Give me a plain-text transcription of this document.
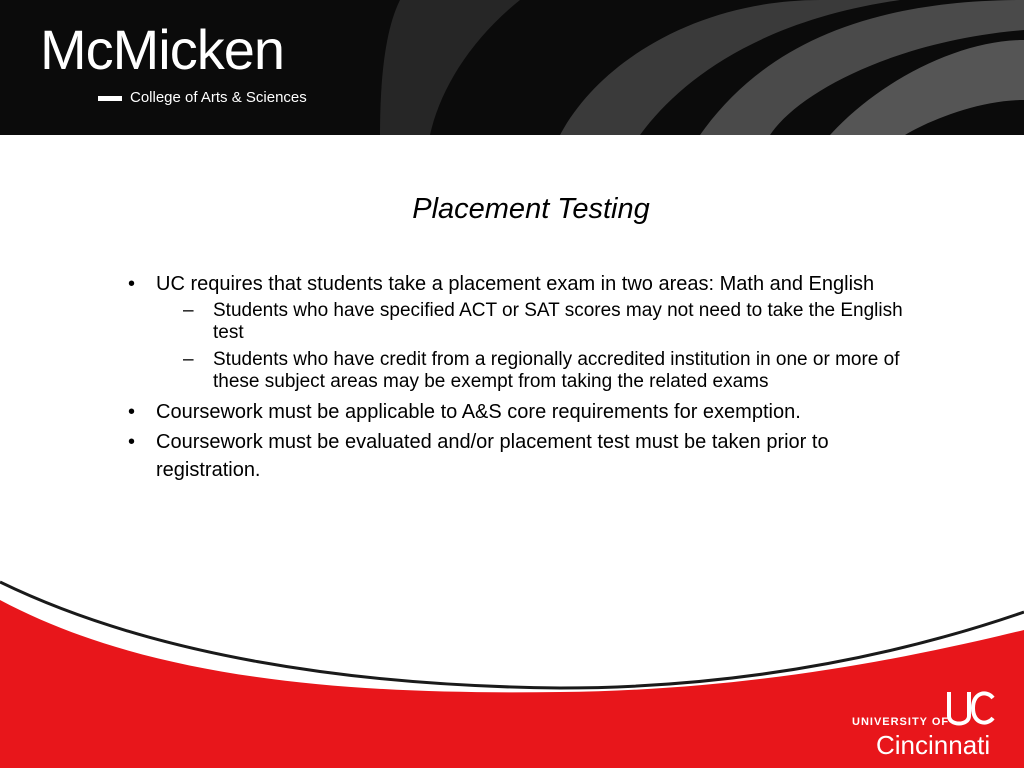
McMicken
College of Arts & Sciences
Placement Testing
• UC requires that students take a placement exam in two areas: Math and English
– Students who have specified ACT or SAT scores may not need to take the English test
– Students who have credit from a regionally accredited institution in one or more of these subject areas may be exempt from taking the related exams
• Coursework must be applicable to A&S core requirements for exemption.
• Coursework must be evaluated and/or placement test must be taken prior to registration.
UNIVERSITY OF
Cincinnati
